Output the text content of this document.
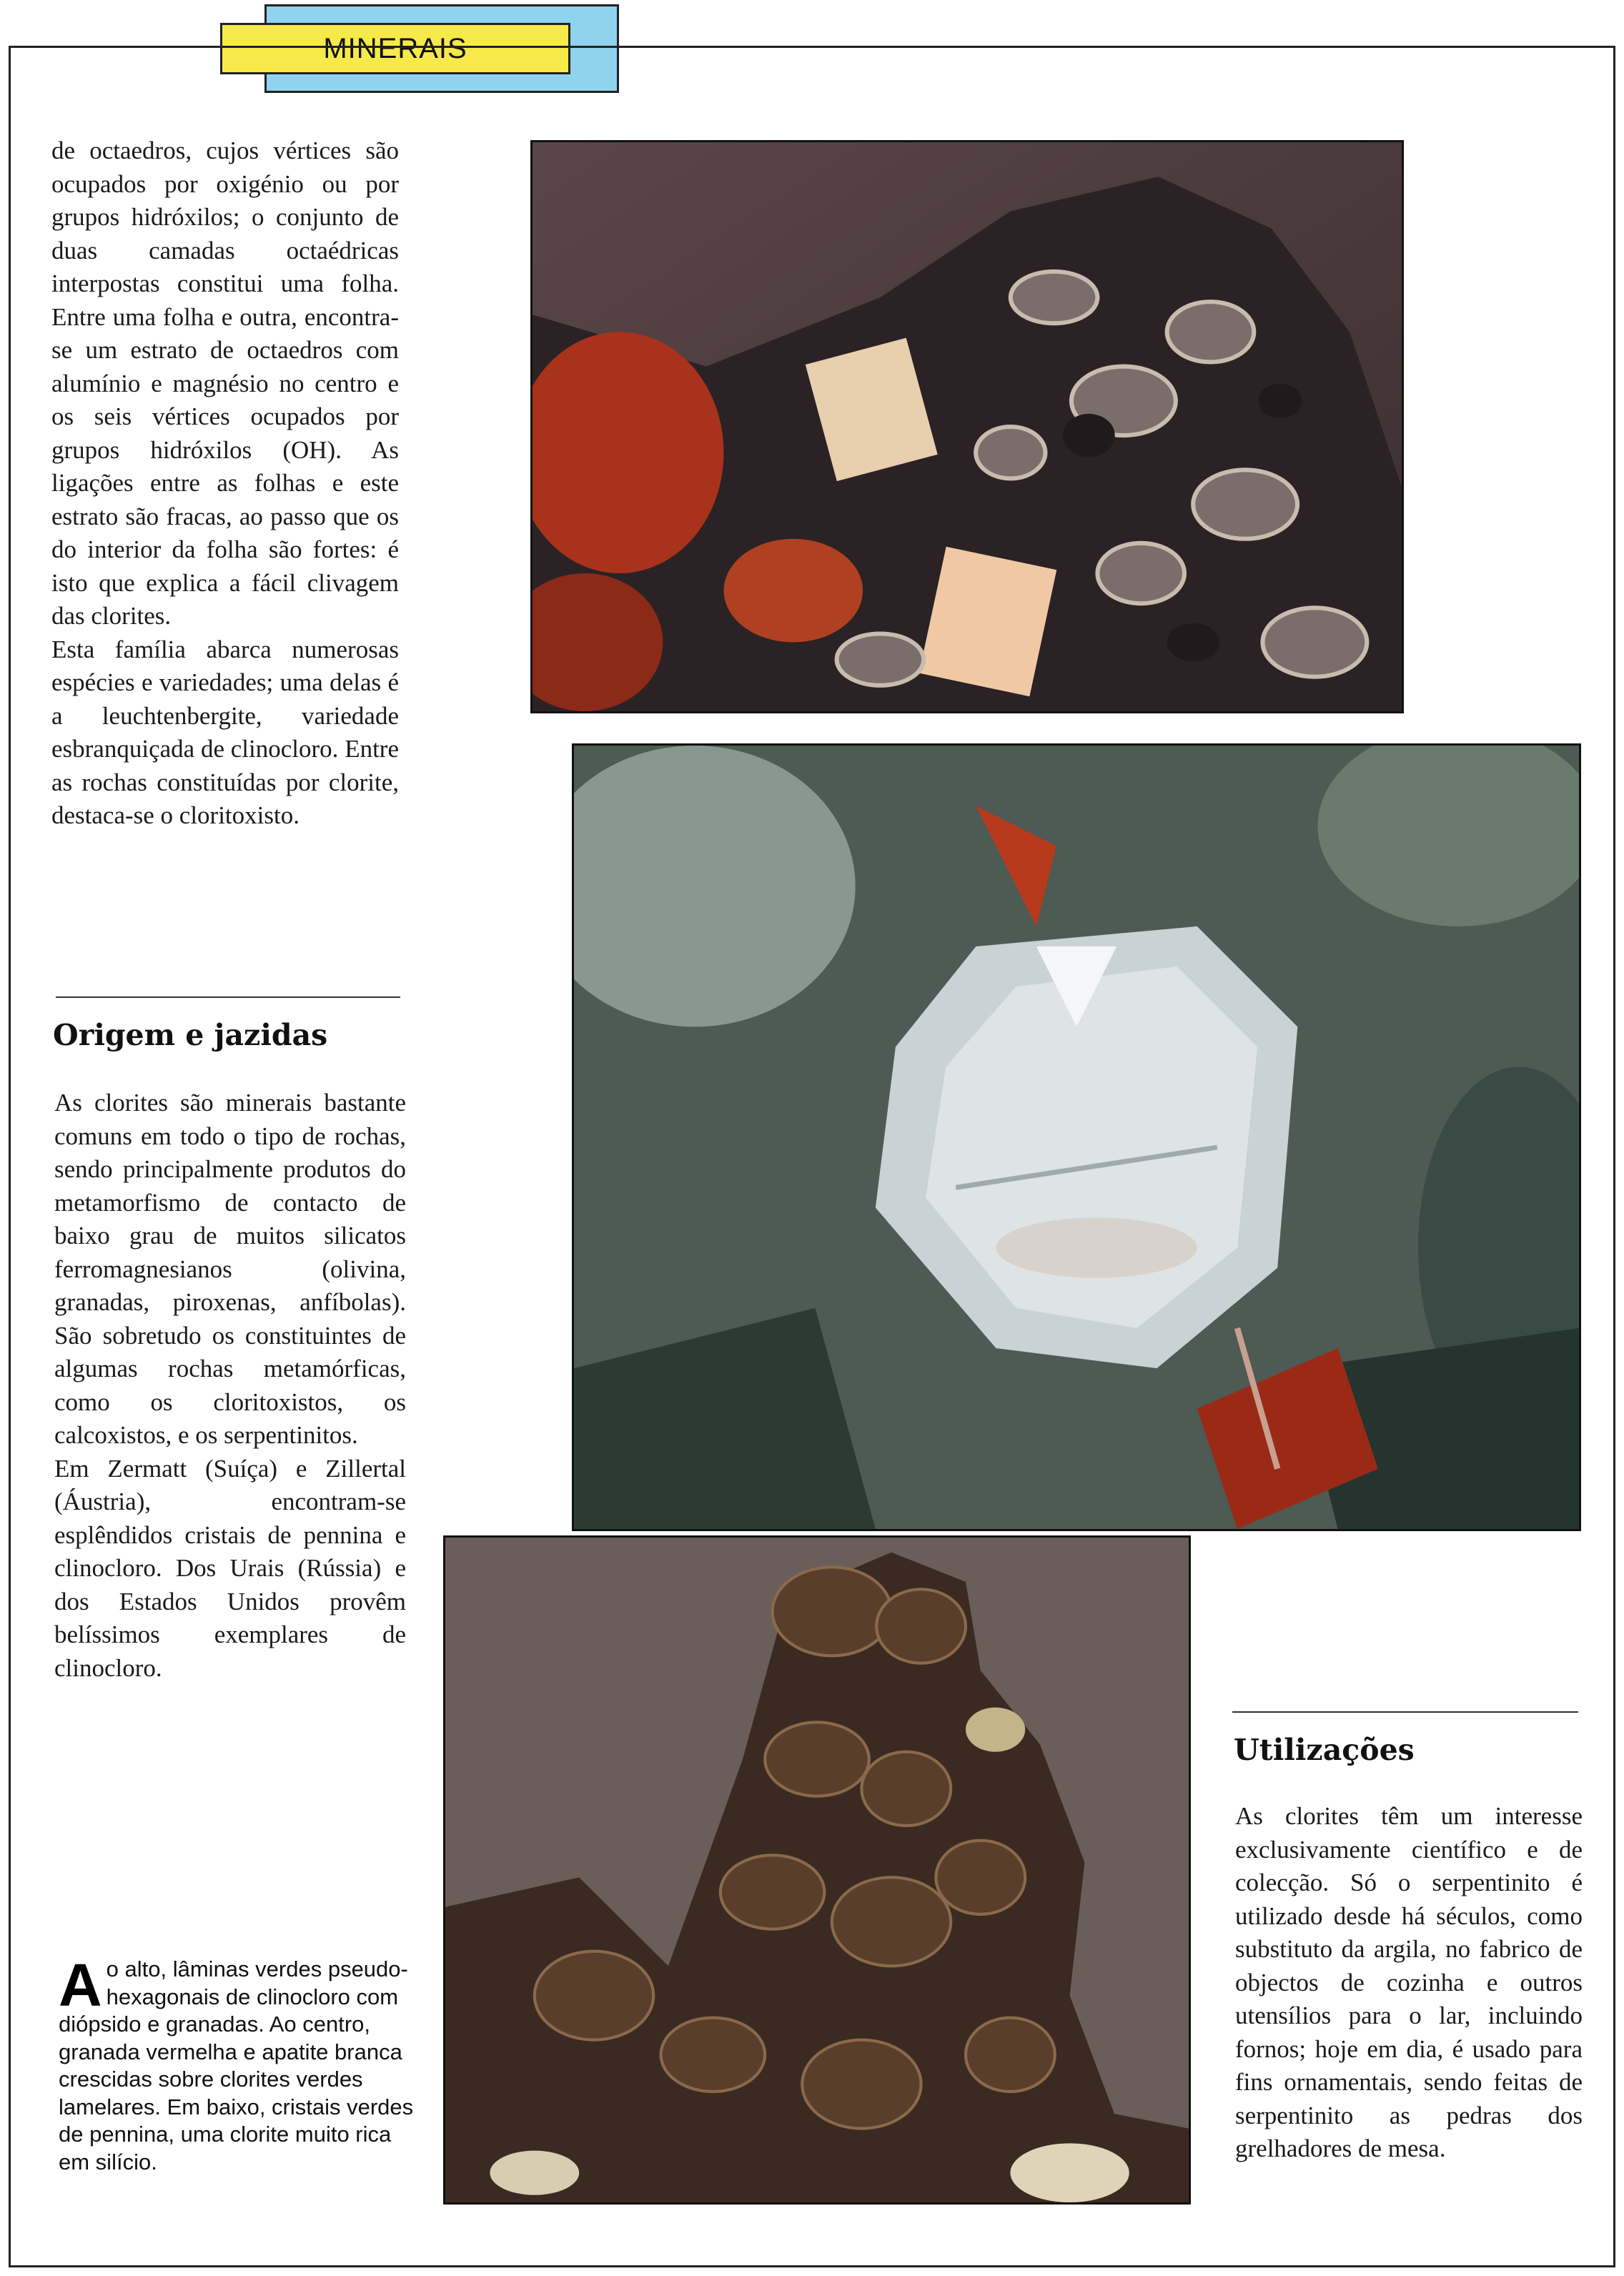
MINERAIS
de octaedros, cujos vértices são ocupados por oxigénio ou por grupos hidróxilos; o conjunto de duas camadas octaédricas interpostas constitui uma folha. Entre uma folha e outra, encontra-se um estrato de octaedros com alumínio e magnésio no centro e os seis vértices ocupados por grupos hidróxilos (OH). As ligações entre as folhas e este estrato são fracas, ao passo que os do interior da folha são fortes: é isto que explica a fácil clivagem das clorites.
Esta família abarca numerosas espécies e variedades; uma delas é a leuchtenbergite, variedade esbranquiçada de clinocloro. Entre as rochas constituídas por clorite, destaca-se o cloritoxisto.
Origem e jazidas
As clorites são minerais bastante comuns em todo o tipo de rochas, sendo principalmente produtos do metamorfismo de contacto de baixo grau de muitos silicatos ferromagnesianos (olivina, granadas, piroxenas, anfíbolas). São sobretudo os constituintes de algumas rochas metamórficas, como os cloritoxistos, os calcoxistos, e os serpentinitos.
Em Zermatt (Suíça) e Zillertal (Áustria), encontram-se esplêndidos cristais de pennina e clinocloro. Dos Urais (Rússia) e dos Estados Unidos provêm belíssimos exemplares de clinocloro.
A o alto, lâminas verdes pseudo-hexagonais de clinocloro com diópsido e granadas. Ao centro, granada vermelha e apatite branca crescidas sobre clorites verdes lamelares. Em baixo, cristais verdes de pennina, uma clorite muito rica em silício.
Utilizações
As clorites têm um interesse exclusivamente científico e de colecção. Só o serpentinito é utilizado desde há séculos, como substituto da argila, no fabrico de objectos de cozinha e outros utensílios para o lar, incluindo fornos; hoje em dia, é usado para fins ornamentais, sendo feitas de serpentinito as pedras dos grelhadores de mesa.
